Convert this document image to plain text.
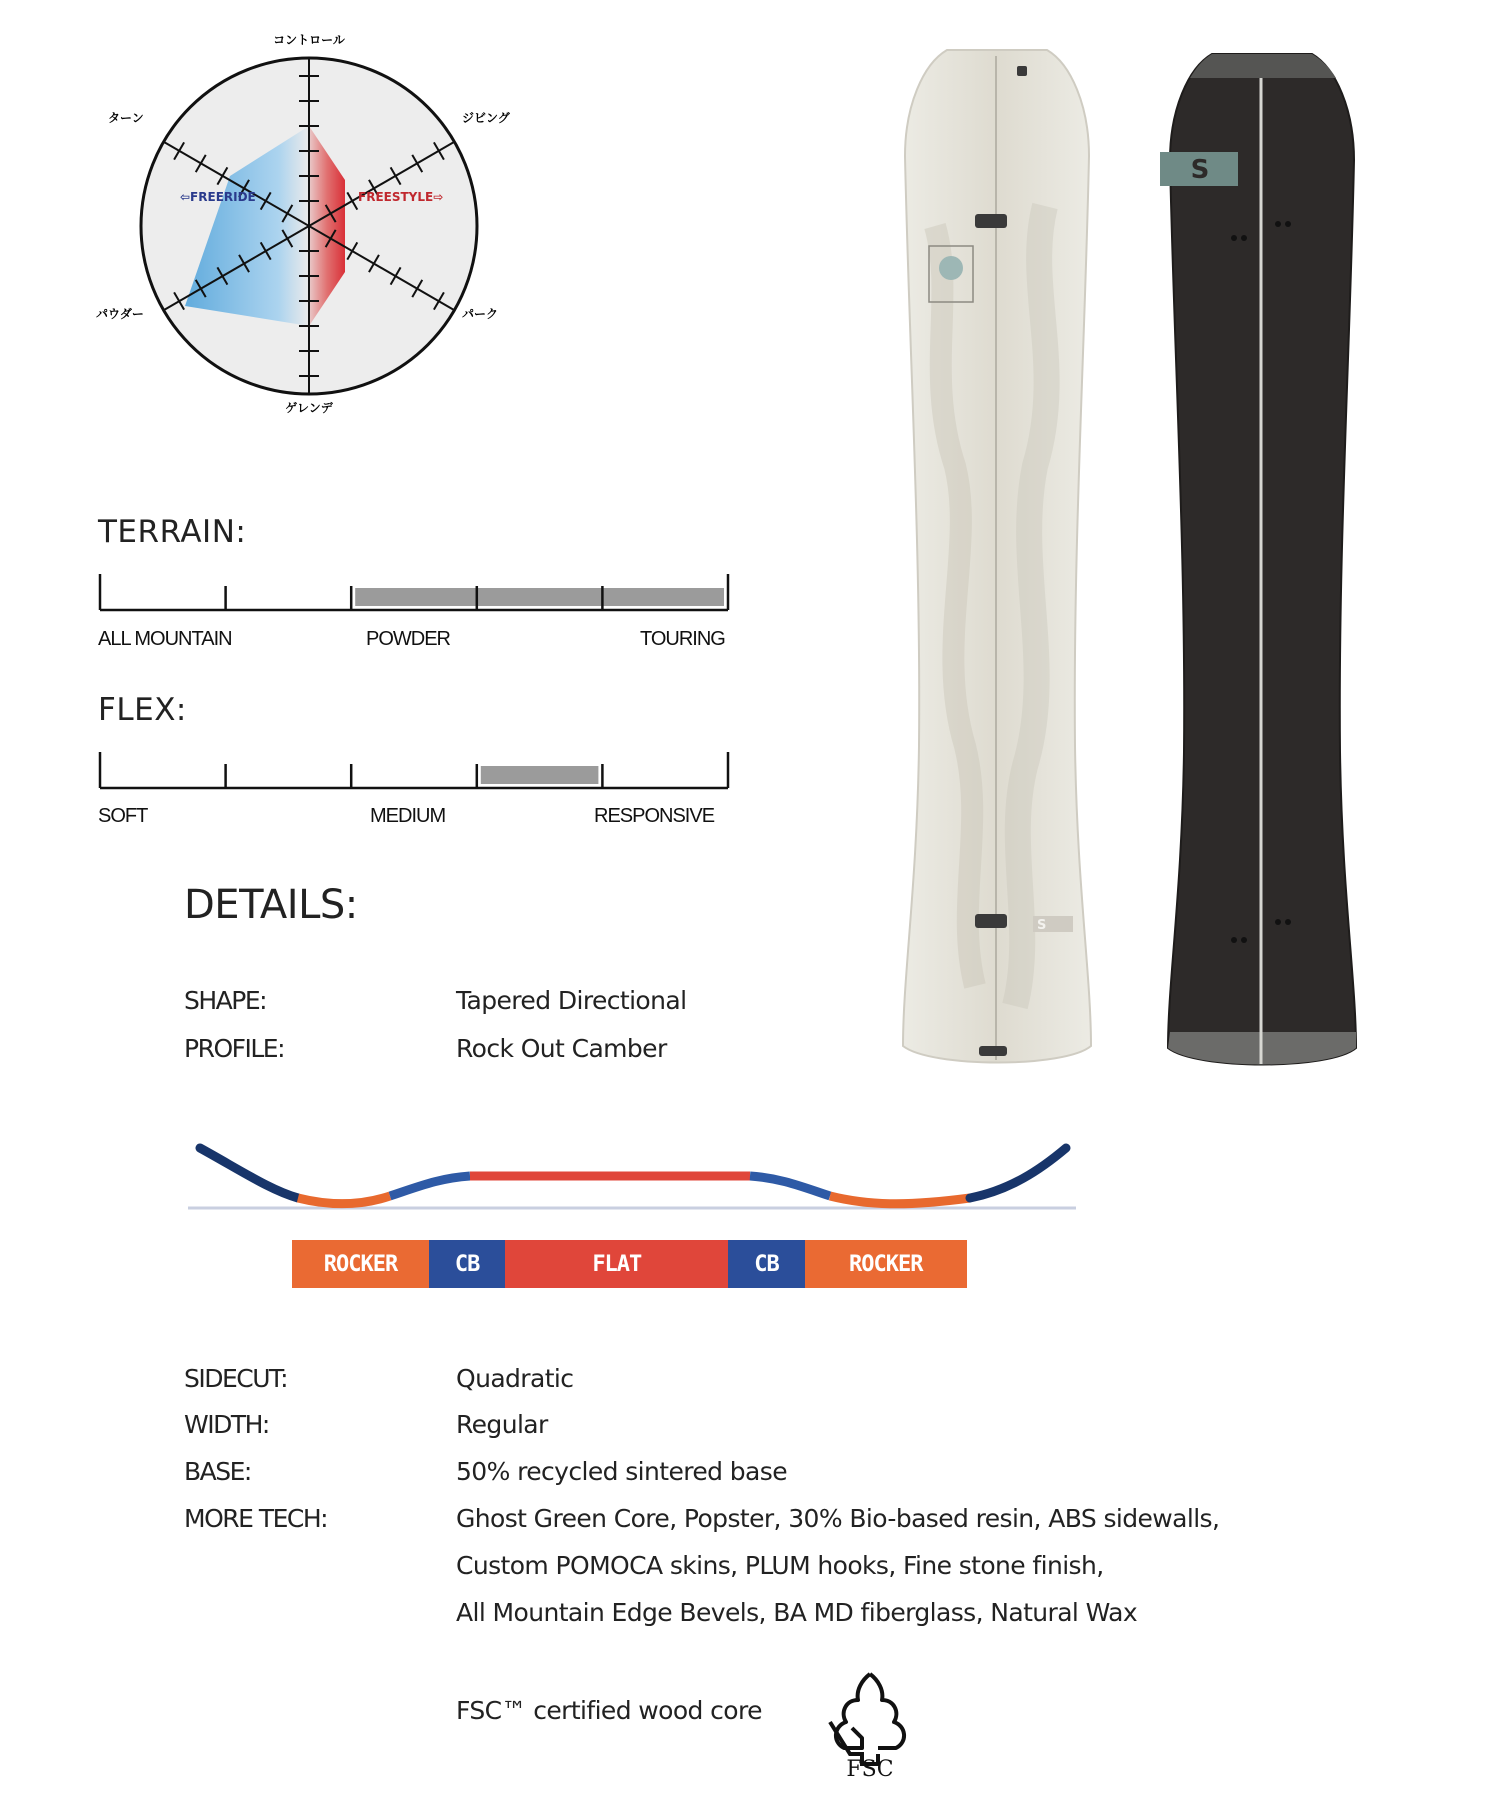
⇦FREERIDE	FREESTYLE⇨
コントロール
ターン	ジビング
パウダー	パーク
ゲレンデ
TERRAIN:
ALL MOUNTAIN	POWDER	TOURING
FLEX:
SOFT	MEDIUM	RESPONSIVE
DETAILS:
SHAPE:	Tapered Directional
PROFILE:	Rock Out Camber
ROCKER	CB	FLAT	CB	ROCKER
SIDECUT:	Quadratic
WIDTH:	Regular
BASE:	50% recycled sintered base
MORE TECH:	Ghost Green Core, Popster, 30% Bio-based resin, ABS sidewalls,
Custom POMOCA skins, PLUM hooks, Fine stone finish,
All Mountain Edge Bevels, BA MD fiberglass, Natural Wax
FSC™ certified wood core
FSC
S
S
